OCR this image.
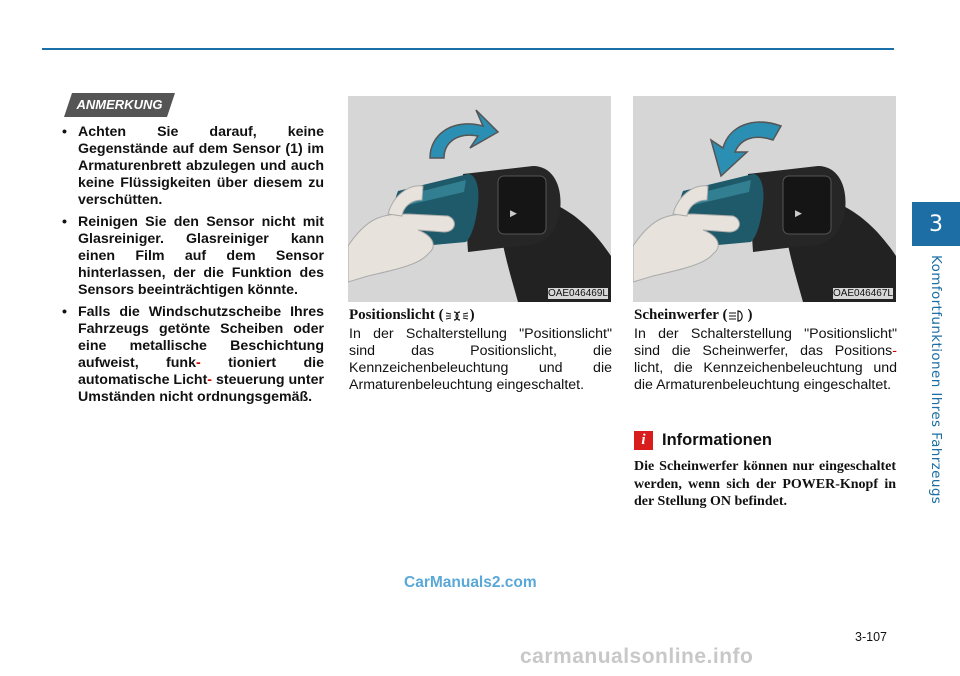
3
Komfortfunktionen Ihres Fahrzeugs
ANMERKUNG
• Achten Sie darauf, keine Gegenstände auf dem Sensor (1) im Armaturenbrett abzulegen und auch keine Flüssigkeiten über diesem zu verschütten.
• Reinigen Sie den Sensor nicht mit Glasreiniger. Glasreiniger kann einen Film auf dem Sensor hinterlassen, der die Funktion des Sensors beeinträchtigen könnte.
• Falls die Windschutzscheibe Ihres Fahrzeugs getönte Scheiben oder eine metallische Beschichtung aufweist, funk- tioniert die automatische Licht- steuerung unter Umständen nicht ordnungsgemäß.
▶
OAE046469L
Positionslicht ( )
In der Schalterstellung "Positionslicht" sind das Positionslicht, die Kennzeichenbeleuchtung und die Armaturenbeleuchtung eingeschaltet.
▶
OAE046467L
Scheinwerfer ( )
In der Schalterstellung "Positionslicht" sind die Scheinwerfer, das Positions- licht, die Kennzeichenbeleuchtung und die Armaturenbeleuchtung eingeschaltet.
i Informationen
Die Scheinwerfer können nur eingeschaltet werden, wenn sich der POWER-Knopf in der Stellung ON befindet.
CarManuals2.com
3-107
carmanualsonline.info
